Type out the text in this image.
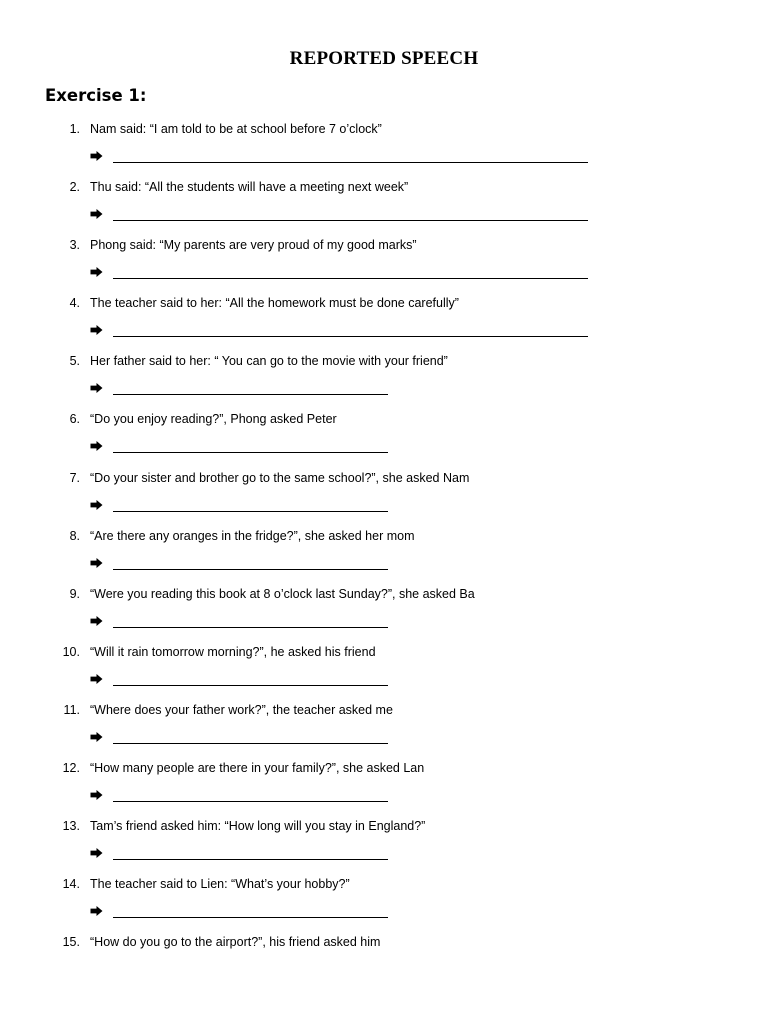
REPORTED SPEECH
Exercise 1:
1. Nam said: “I am told to be at school before 7 o’clock”
2. Thu said: “All the students will have a meeting next week”
3. Phong said: “My parents are very proud of my good marks”
4. The teacher said to her: “All the homework must be done carefully”
5. Her father said to her: “ You can go to the movie with your friend”
6. “Do you enjoy reading?”, Phong asked Peter
7. “Do your sister and brother go to the same school?”, she asked Nam
8. “Are there any oranges in the fridge?”, she asked her mom
9. “Were you reading this book at 8 o’clock last Sunday?”, she asked Ba
10. “Will it rain tomorrow morning?”, he asked his friend
11. “Where does your father work?”, the teacher asked me
12. “How many people are there in your family?”, she asked Lan
13. Tam’s friend asked him: “How long will you stay in England?”
14. The teacher said to Lien: “What’s your hobby?”
15. “How do you go to the airport?”, his friend asked him
